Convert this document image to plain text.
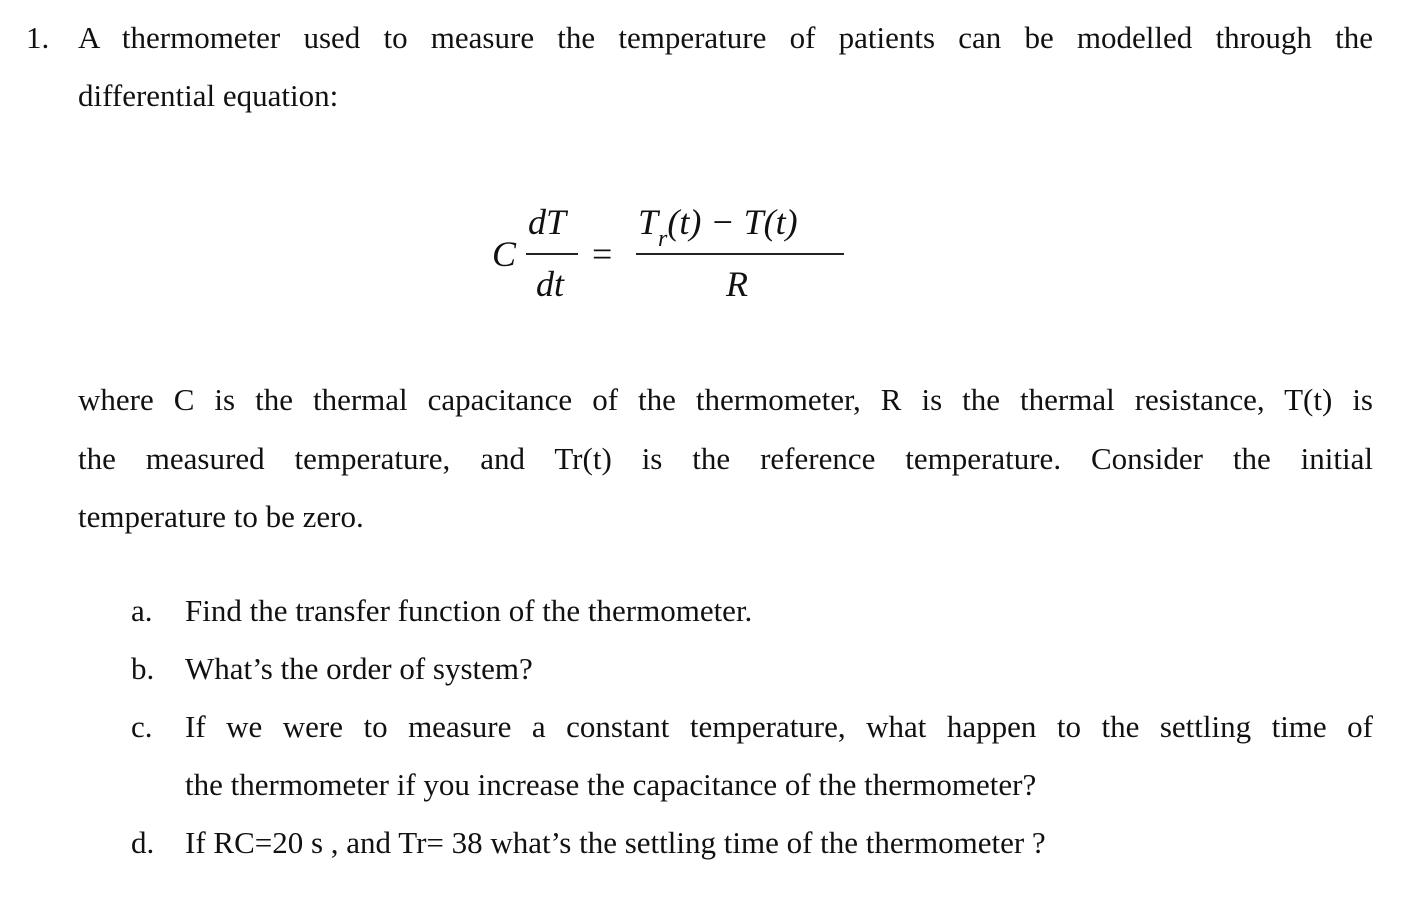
1. A thermometer used to measure the temperature of patients can be modelled through the
differential equation:
C
dT
dt
=
$T_r(t) - T(t)$
R
where C is the thermal capacitance of the thermometer, R is the thermal resistance, T(t) is
the measured temperature, and Tr(t) is the reference temperature. Consider the initial
temperature to be zero.
a. Find the transfer function of the thermometer.
b. What’s the order of system?
c. If we were to measure a constant temperature, what happen to the settling time of
the thermometer if you increase the capacitance of the thermometer?
d. If RC=20 s , and Tr= 38 what’s the settling time of the thermometer ?
